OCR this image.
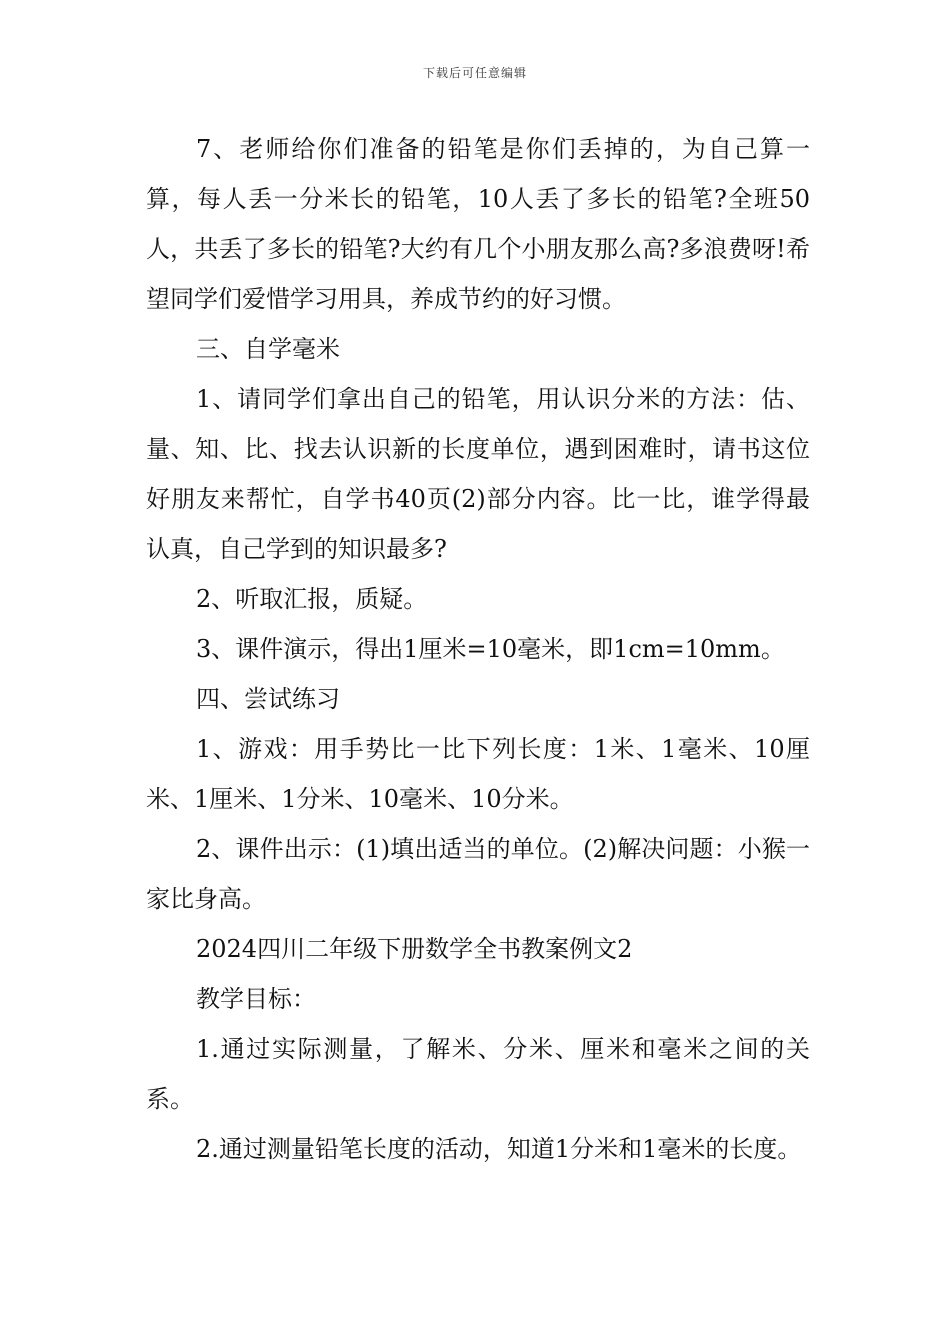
下载后可任意编辑

7、老师给你们准备的铅笔是你们丢掉的，为自己算一算，每人丢一分米长的铅笔，10人丢了多长的铅笔?全班50人，共丢了多长的铅笔?大约有几个小朋友那么高?多浪费呀!希望同学们爱惜学习用具，养成节约的好习惯。

三、自学毫米

1、请同学们拿出自己的铅笔，用认识分米的方法：估、量、知、比、找去认识新的长度单位，遇到困难时，请书这位好朋友来帮忙，自学书40页(2)部分内容。比一比，谁学得最认真，自己学到的知识最多?

2、听取汇报，质疑。

3、课件演示，得出1厘米=10毫米，即1cm=10mm。

四、尝试练习

1、游戏：用手势比一比下列长度：1米、1毫米、10厘米、1厘米、1分米、10毫米、10分米。

2、课件出示：(1)填出适当的单位。(2)解决问题：小猴一家比身高。

2024四川二年级下册数学全书教案例文2

教学目标：

1.通过实际测量，了解米、分米、厘米和毫米之间的关系。

2.通过测量铅笔长度的活动，知道1分米和1毫米的长度。
